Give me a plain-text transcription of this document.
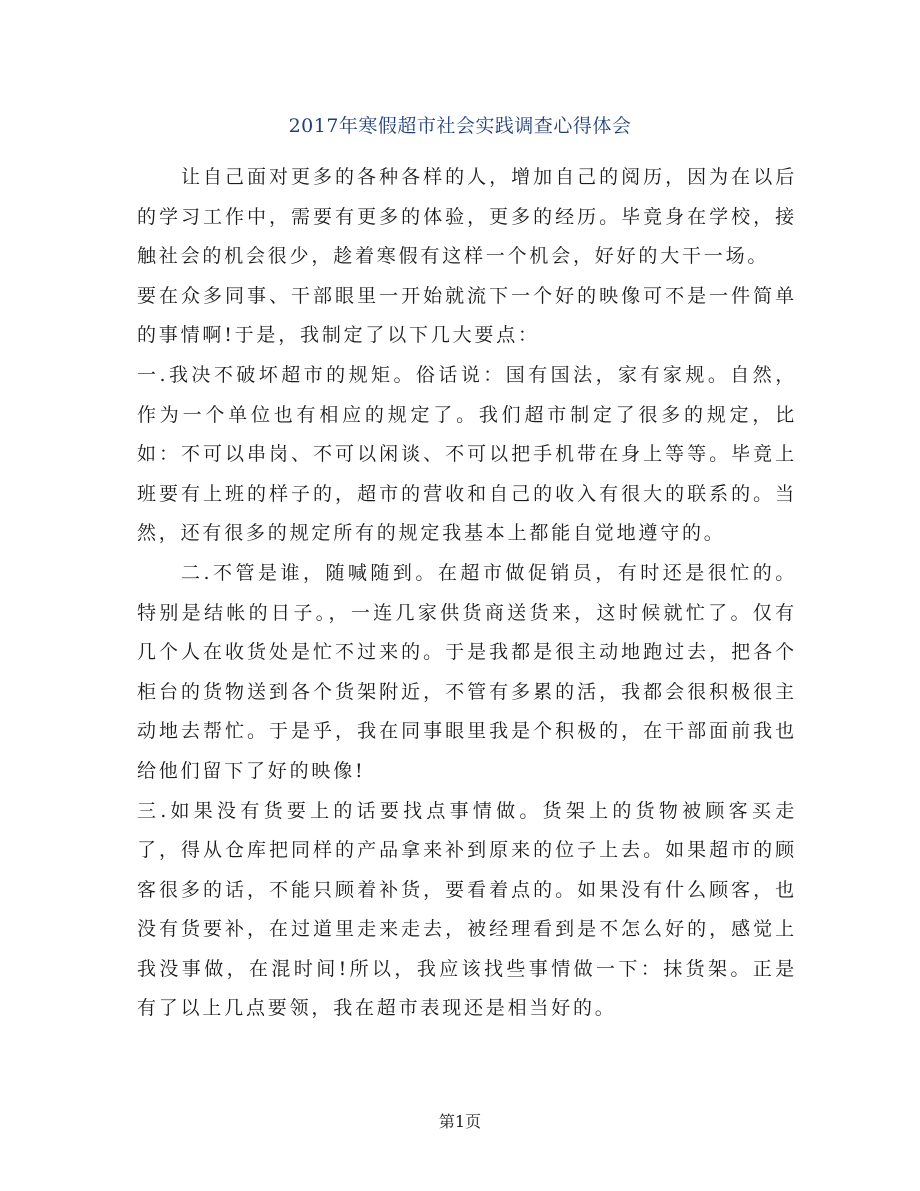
2017年寒假超市社会实践调查心得体会

让自己面对更多的各种各样的人，增加自己的阅历，因为在以后的学习工作中，需要有更多的体验，更多的经历。毕竟身在学校，接触社会的机会很少，趁着寒假有这样一个机会，好好的大干一场。

要在众多同事、干部眼里一开始就流下一个好的映像可不是一件简单的事情啊!于是，我制定了以下几大要点：

一.我决不破坏超市的规矩。俗话说：国有国法，家有家规。自然，作为一个单位也有相应的规定了。我们超市制定了很多的规定，比如：不可以串岗、不可以闲谈、不可以把手机带在身上等等。毕竟上班要有上班的样子的，超市的营收和自己的收入有很大的联系的。当然，还有很多的规定所有的规定我基本上都能自觉地遵守的。

二.不管是谁，随喊随到。在超市做促销员，有时还是很忙的。特别是结帐的日子。，一连几家供货商送货来，这时候就忙了。仅有几个人在收货处是忙不过来的。于是我都是很主动地跑过去，把各个柜台的货物送到各个货架附近，不管有多累的活，我都会很积极很主动地去帮忙。于是乎，我在同事眼里我是个积极的，在干部面前我也给他们留下了好的映像!

三.如果没有货要上的话要找点事情做。货架上的货物被顾客买走了，得从仓库把同样的产品拿来补到原来的位子上去。如果超市的顾客很多的话，不能只顾着补货，要看着点的。如果没有什么顾客，也没有货要补，在过道里走来走去，被经理看到是不怎么好的，感觉上我没事做，在混时间!所以，我应该找些事情做一下：抹货架。正是有了以上几点要领，我在超市表现还是相当好的。

第1页
